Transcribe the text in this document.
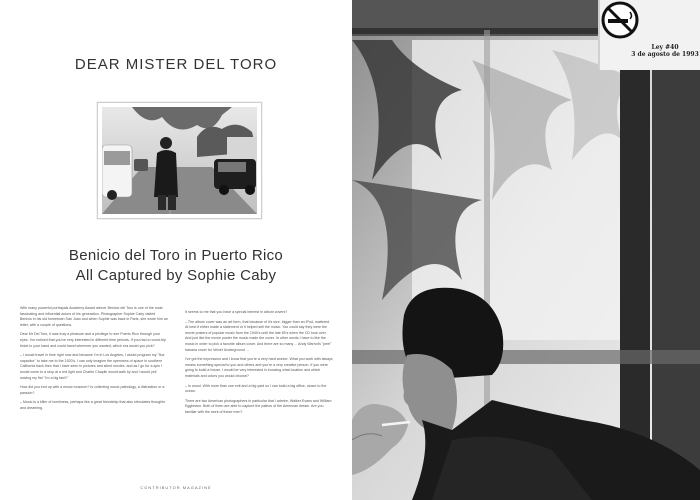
DEAR MISTER DEL TORO
Benicio del Toro in Puerto Rico
All Captured by Sophie Caby

With many powerful portrayals Academy Award winner Benicio del Toro is one of the most fascinating and influential actors of his generation. Photographer Sophie Caby visited Benicio in his old hometown San Juan and when Sophie was back in Paris, she wrote him an letter, with a couple of questions.

Dear Mr Del Toro, it was truly a pleasure and a privilege to see Puerto Rico through your eyes. I've noticed that you've very interested in different time periods. If you had a round-trip ticket in your hand and could travel wherever you wanted, which era would you pick?

– I would travel in time right now and because I'm in Los Angeles, I would program my "flux capacitor" to take me to the 1920's. I can only imagine the openness of space in southern California back then that I have seen in pictures and silent movies, and as I go for a spin I would come to a stop at a red light and Charlie Chaplin would walk by and I would yell waving my fist "I'm a big fan!!!"

How did you end up with a music museum? Is collecting music pathology, a distraction or a passion?

– Music is a killer of loneliness, perhaps like a great friendship that also stimulates thoughts and dreaming.

It seems to me that you have a special interest in album covers?

– The album cover was an art form, that because of it's size, bigger than an iPod, mattered. At best it either made a statement or it helped sell the music. You could say they were the movie posters of popular music from the 1940's until the late 80's when the CD took over. And just like the movie poster the music made the cover. In other words I have to like the music in order to pick a favorite album cover. And there are so many ... Andy Warhol's "peel" banana cover for Velvet Underground ...

I've got the impression and I know that you're a very hard worker. What you work with always means something special to you and others and you're a very creative person. If you were going to build a house, I would be very interested in knowing what location and which materials and colors you would choose?

– In wood. With more than one exit and a big yard so I can build a big office, closer to the ocean.

There are two American photographers in particular that I admire, Walker Evans and William Eggleston. Both of them are able to capture the pathos of the American dream. Are you familiar with the work of these men?

CONTRIBUTOR MAGAZINE
Ley #40
3 de agosto de 1993
